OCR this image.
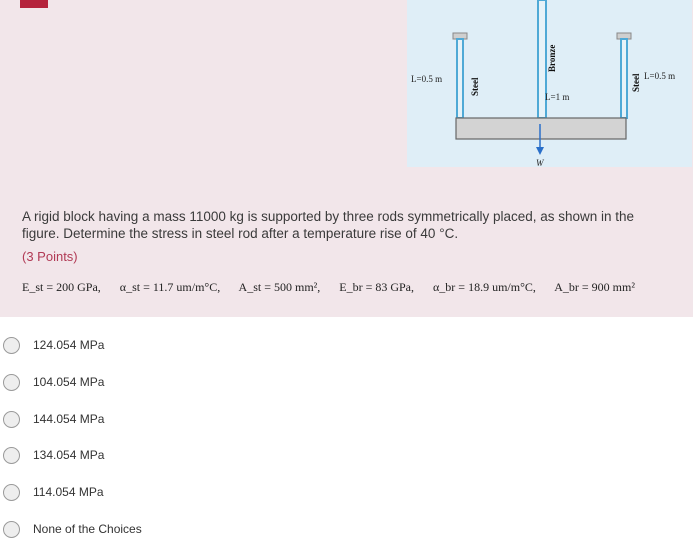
L=0.5 m	L=0.5 m
L=1 m
W
Steel
Bronze
Steel

A rigid block having a mass 11000 kg is supported by three rods symmetrically placed, as shown in the figure. Determine the stress in steel rod after a temperature rise of 40 °C.

(3 Points)
E_st = 200 GPa, α_st = 11.7 um/m°C, A_st = 500 mm², E_br = 83 GPa, α_br = 18.9 um/m°C, A_br = 900 mm²
124.054 MPa
104.054 MPa
144.054 MPa
134.054 MPa
114.054 MPa
None of the Choices
